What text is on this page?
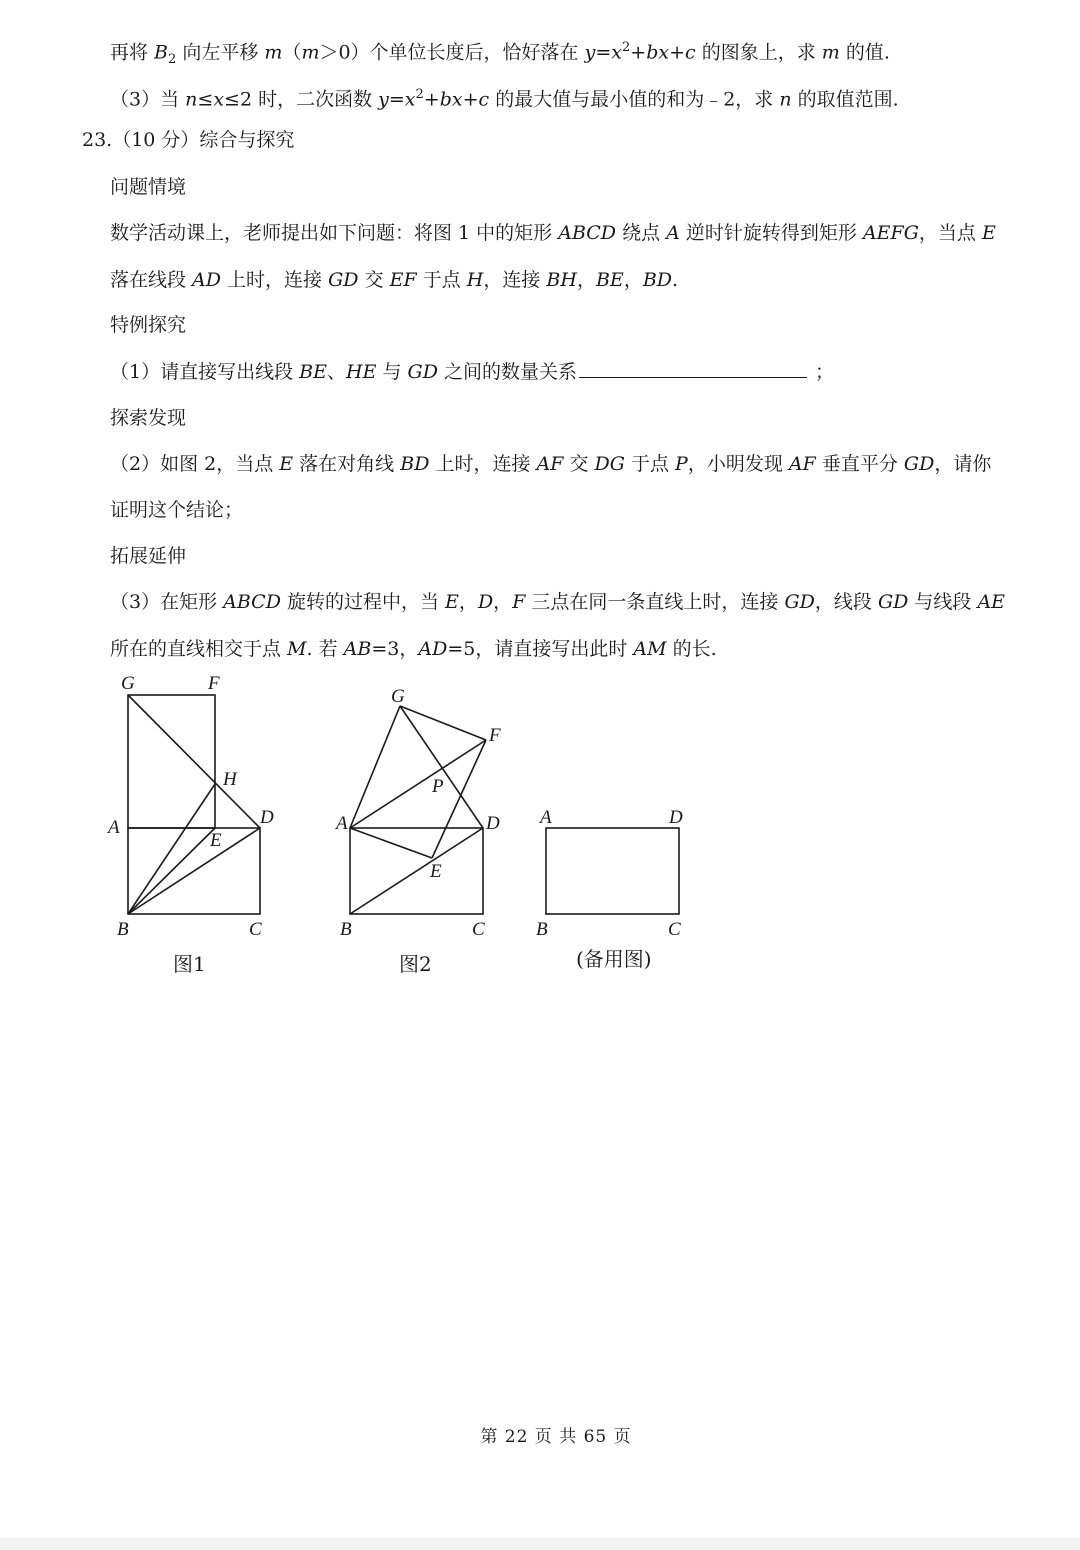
再将 $B_2$ 向左平移 m（m＞0）个单位长度后，恰好落在 $y=x^2+bx+c$ 的图象上，求 m 的值.

（3）当 n≤x≤2 时，二次函数 $y=x^2+bx+c$ 的最大值与最小值的和为﹣2，求 n 的取值范围.

23.（10 分）综合与探究

问题情境

数学活动课上，老师提出如下问题：将图 1 中的矩形 ABCD 绕点 A 逆时针旋转得到矩形 AEFG，当点 E

落在线段 AD 上时，连接 GD 交 EF 于点 H，连接 BH，BE，BD.

特例探究

（1）请直接写出线段 BE、HE 与 GD 之间的数量关系	；

探索发现

（2）如图 2，当点 E 落在对角线 BD 上时，连接 AF 交 DG 于点 P，小明发现 AF 垂直平分 GD，请你

证明这个结论；

拓展延伸

（3）在矩形 ABCD 旋转的过程中，当 E，D，F 三点在同一条直线上时，连接 GD，线段 GD 与线段 AE

所在的直线相交于点 M. 若 AB=3，AD=5，请直接写出此时 AM 的长.

G	F
H
A
E
D
B	C
图1
G
F
P
A	D
E
B	C
图2
A	D
B	C
(备用图)
第 22 页 共 65 页
